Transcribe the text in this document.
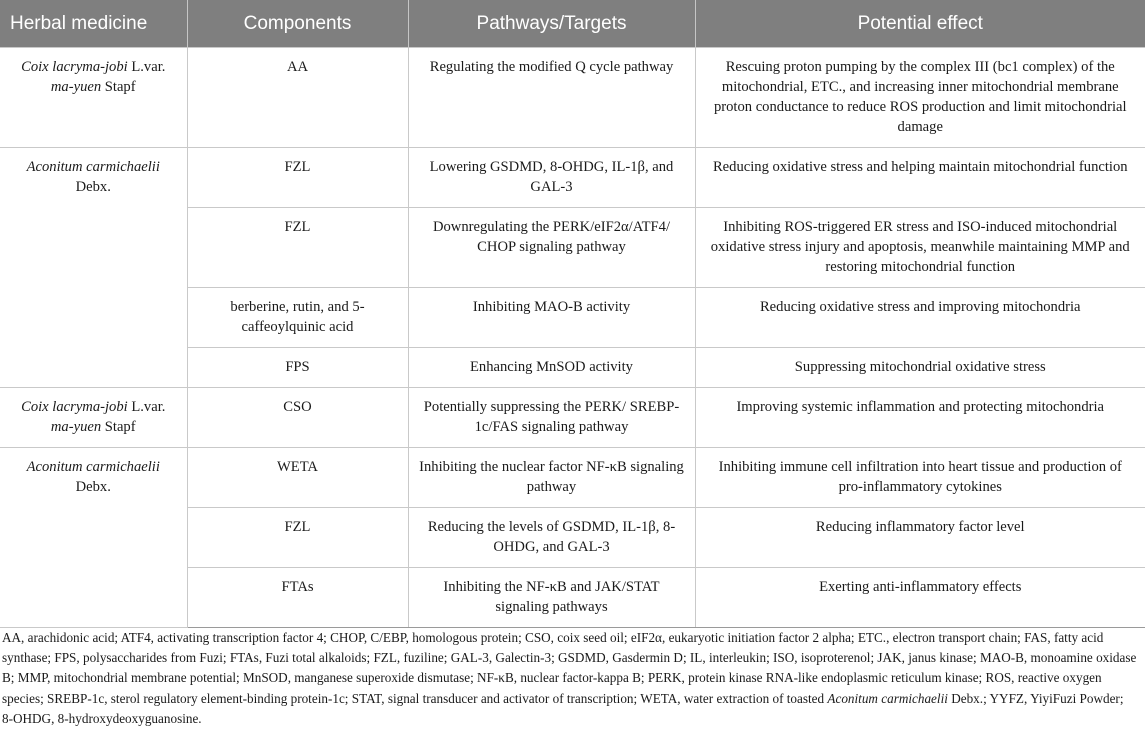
Herbal medicine	Components	Pathways/Targets	Potential effect
Coix lacryma-jobi L.var. ma-yuen Stapf	AA	Regulating the modified Q cycle pathway	Rescuing proton pumping by the complex III (bc1 complex) of the mitochondrial, ETC., and increasing inner mitochondrial membrane proton conductance to reduce ROS production and limit mitochondrial damage
Aconitum carmichaelii Debx.	FZL	Lowering GSDMD, 8-OHDG, IL-1β, and GAL-3	Reducing oxidative stress and helping maintain mitochondrial function
	FZL	Downregulating the PERK/eIF2α/ATF4/ CHOP signaling pathway	Inhibiting ROS-triggered ER stress and ISO-induced mitochondrial oxidative stress injury and apoptosis, meanwhile maintaining MMP and restoring mitochondrial function
	berberine, rutin, and 5-caffeoylquinic acid	Inhibiting MAO-B activity	Reducing oxidative stress and improving mitochondria
	FPS	Enhancing MnSOD activity	Suppressing mitochondrial oxidative stress
Coix lacryma-jobi L.var. ma-yuen Stapf	CSO	Potentially suppressing the PERK/ SREBP-1c/FAS signaling pathway	Improving systemic inflammation and protecting mitochondria
Aconitum carmichaelii Debx.	WETA	Inhibiting the nuclear factor NF-κB signaling pathway	Inhibiting immune cell infiltration into heart tissue and production of pro-inflammatory cytokines
	FZL	Reducing the levels of GSDMD, IL-1β, 8-OHDG, and GAL-3	Reducing inflammatory factor level
	FTAs	Inhibiting the NF-κB and JAK/STAT signaling pathways	Exerting anti-inflammatory effects
AA, arachidonic acid; ATF4, activating transcription factor 4; CHOP, C/EBP, homologous protein; CSO, coix seed oil; eIF2α, eukaryotic initiation factor 2 alpha; ETC., electron transport chain; FAS, fatty acid synthase; FPS, polysaccharides from Fuzi; FTAs, Fuzi total alkaloids; FZL, fuziline; GAL-3, Galectin-3; GSDMD, Gasdermin D; IL, interleukin; ISO, isoproterenol; JAK, janus kinase; MAO-B, monoamine oxidase B; MMP, mitochondrial membrane potential; MnSOD, manganese superoxide dismutase; NF-κB, nuclear factor-kappa B; PERK, protein kinase RNA-like endoplasmic reticulum kinase; ROS, reactive oxygen species; SREBP-1c, sterol regulatory element-binding protein-1c; STAT, signal transducer and activator of transcription; WETA, water extraction of toasted Aconitum carmichaelii Debx.; YYFZ, YiyiFuzi Powder; 8-OHDG, 8-hydroxydeoxyguanosine.
